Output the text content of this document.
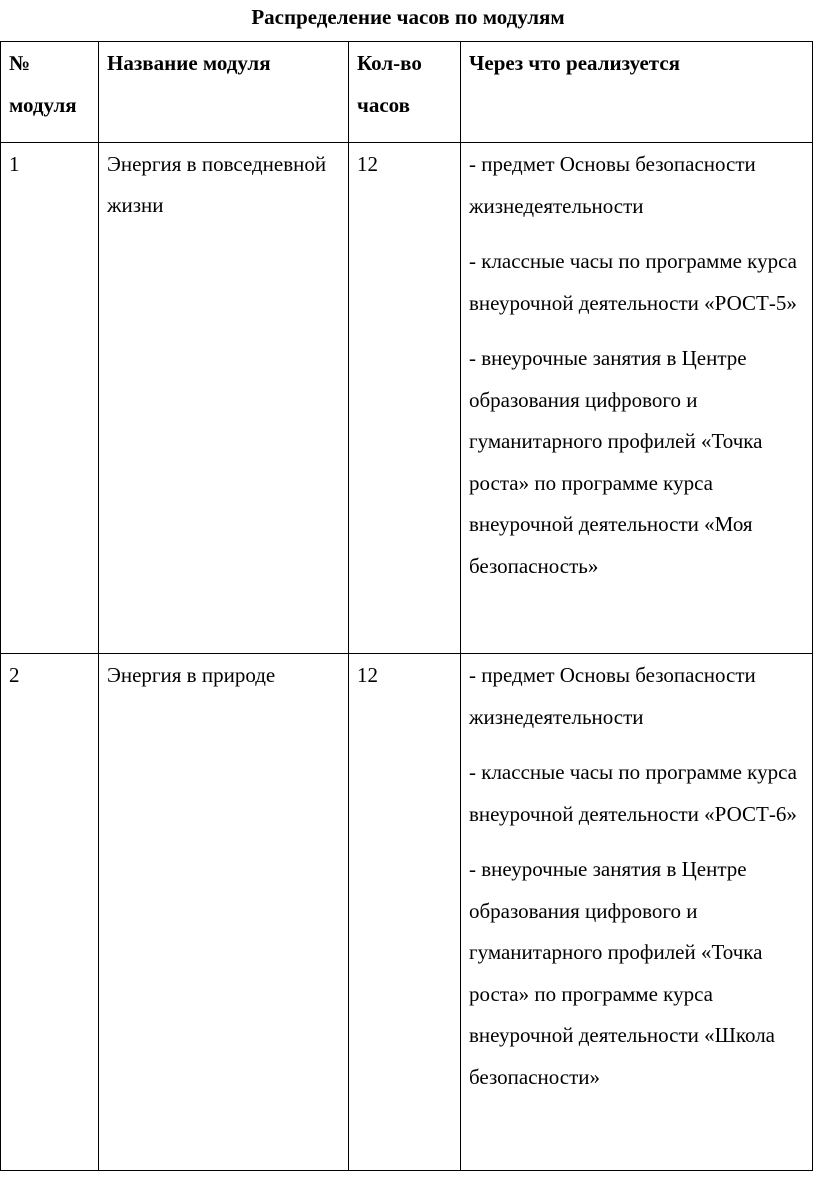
Распределение часов по модулям
№ модуля	Название модуля	Кол-во часов	Через что реализуется

1	Энергия в повседневной жизни	12	- предмет Основы безопасности жизнедеятельности

- классные часы по программе курса внеурочной деятельности «РОСТ-5»

- внеурочные занятия в Центре образования цифрового и гуманитарного профилей «Точка роста» по программе курса внеурочной деятельности «Моя безопасность»

2	Энергия в природе	12	- предмет Основы безопасности жизнедеятельности

- классные часы по программе курса внеурочной деятельности «РОСТ-6»

- внеурочные занятия в Центре образования цифрового и гуманитарного профилей «Точка роста» по программе курса внеурочной деятельности «Школа безопасности»
